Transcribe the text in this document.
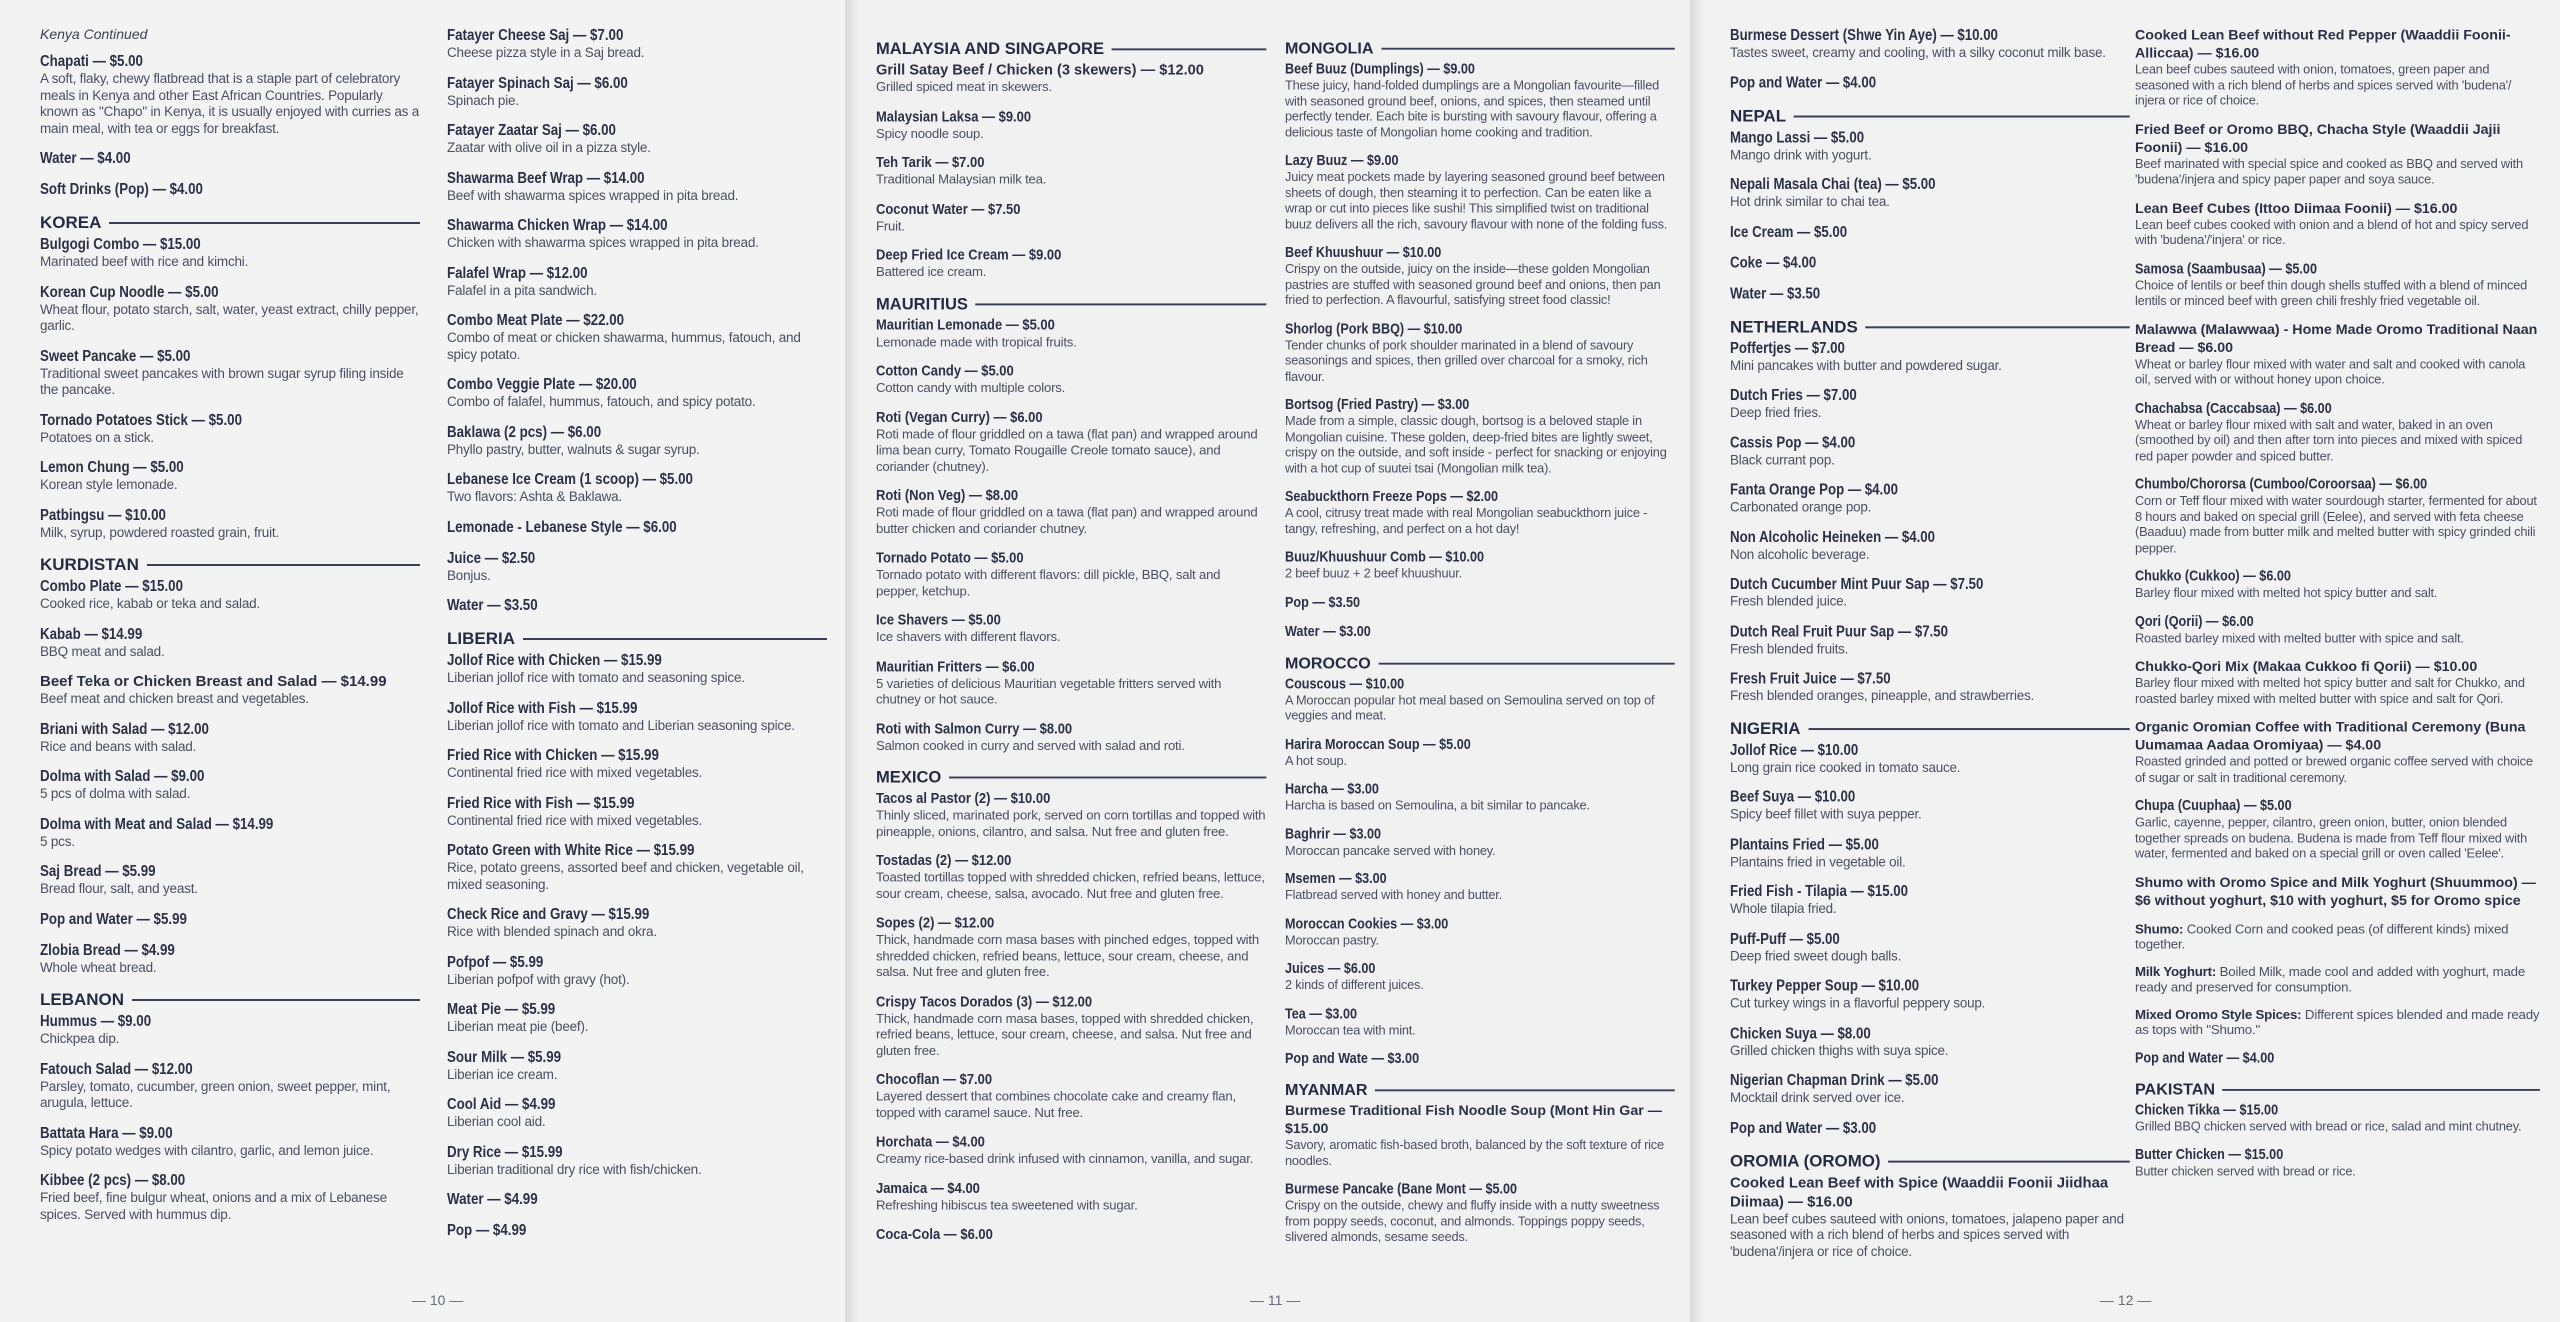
Kenya Continued
Chapati — $5.00
A soft, flaky, chewy flatbread that is a staple part of celebratory meals in Kenya and other East African Countries. Popularly known as "Chapo" in Kenya, it is usually enjoyed with curries as a main meal, with tea or eggs for breakfast.
Water — $4.00
Soft Drinks (Pop) — $4.00
KOREA
Bulgogi Combo — $15.00
Marinated beef with rice and kimchi.
Korean Cup Noodle — $5.00
Wheat flour, potato starch, salt, water, yeast extract, chilly pepper, garlic.
Sweet Pancake — $5.00
Traditional sweet pancakes with brown sugar syrup filing inside the pancake.
Tornado Potatoes Stick — $5.00
Potatoes on a stick.
Lemon Chung — $5.00
Korean style lemonade.
Patbingsu — $10.00
Milk, syrup, powdered roasted grain, fruit.
KURDISTAN
Combo Plate — $15.00
Cooked rice, kabab or teka and salad.
Kabab — $14.99
BBQ meat and salad.
Beef Teka or Chicken Breast and Salad — $14.99
Beef meat and chicken breast and vegetables.
Briani with Salad — $12.00
Rice and beans with salad.
Dolma with Salad — $9.00
5 pcs of dolma with salad.
Dolma with Meat and Salad — $14.99
5 pcs.
Saj Bread — $5.99
Bread flour, salt, and yeast.
Pop and Water — $5.99
Zlobia Bread — $4.99
Whole wheat bread.
LEBANON
Hummus — $9.00
Chickpea dip.
Fatouch Salad — $12.00
Parsley, tomato, cucumber, green onion, sweet pepper, mint, arugula, lettuce.
Battata Hara — $9.00
Spicy potato wedges with cilantro, garlic, and lemon juice.
Kibbee (2 pcs) — $8.00
Fried beef, fine bulgur wheat, onions and a mix of Lebanese spices. Served with hummus dip.
Fatayer Cheese Saj — $7.00
Cheese pizza style in a Saj bread.
Fatayer Spinach Saj — $6.00
Spinach pie.
Fatayer Zaatar Saj — $6.00
Zaatar with olive oil in a pizza style.
Shawarma Beef Wrap — $14.00
Beef with shawarma spices wrapped in pita bread.
Shawarma Chicken Wrap — $14.00
Chicken with shawarma spices wrapped in pita bread.
Falafel Wrap — $12.00
Falafel in a pita sandwich.
Combo Meat Plate — $22.00
Combo of meat or chicken shawarma, hummus, fatouch, and spicy potato.
Combo Veggie Plate — $20.00
Combo of falafel, hummus, fatouch, and spicy potato.
Baklawa (2 pcs) — $6.00
Phyllo pastry, butter, walnuts & sugar syrup.
Lebanese Ice Cream (1 scoop) — $5.00
Two flavors: Ashta & Baklawa.
Lemonade - Lebanese Style — $6.00
Juice — $2.50
Bonjus.
Water — $3.50
LIBERIA
Jollof Rice with Chicken — $15.99
Liberian jollof rice with tomato and seasoning spice.
Jollof Rice with Fish — $15.99
Liberian jollof rice with tomato and Liberian seasoning spice.
Fried Rice with Chicken — $15.99
Continental fried rice with mixed vegetables.
Fried Rice with Fish — $15.99
Continental fried rice with mixed vegetables.
Potato Green with White Rice — $15.99
Rice, potato greens, assorted beef and chicken, vegetable oil, mixed seasoning.
Check Rice and Gravy — $15.99
Rice with blended spinach and okra.
Pofpof — $5.99
Liberian pofpof with gravy (hot).
Meat Pie — $5.99
Liberian meat pie (beef).
Sour Milk — $5.99
Liberian ice cream.
Cool Aid — $4.99
Liberian cool aid.
Dry Rice — $15.99
Liberian traditional dry rice with fish/chicken.
Water — $4.99
Pop — $4.99
— 10 —
MALAYSIA AND SINGAPORE
Grill Satay Beef / Chicken (3 skewers) — $12.00
Grilled spiced meat in skewers.
Malaysian Laksa — $9.00
Spicy noodle soup.
Teh Tarik — $7.00
Traditional Malaysian milk tea.
Coconut Water — $7.50
Fruit.
Deep Fried Ice Cream — $9.00
Battered ice cream.
MAURITIUS
Mauritian Lemonade — $5.00
Lemonade made with tropical fruits.
Cotton Candy — $5.00
Cotton candy with multiple colors.
Roti (Vegan Curry) — $6.00
Roti made of flour griddled on a tawa (flat pan) and wrapped around lima bean curry, Tomato Rougaille Creole tomato sauce), and coriander (chutney).
Roti (Non Veg) — $8.00
Roti made of flour griddled on a tawa (flat pan) and wrapped around butter chicken and coriander chutney.
Tornado Potato — $5.00
Tornado potato with different flavors: dill pickle, BBQ, salt and pepper, ketchup.
Ice Shavers — $5.00
Ice shavers with different flavors.
Mauritian Fritters — $6.00
5 varieties of delicious Mauritian vegetable fritters served with chutney or hot sauce.
Roti with Salmon Curry — $8.00
Salmon cooked in curry and served with salad and roti.
MEXICO
Tacos al Pastor (2) — $10.00
Thinly sliced, marinated pork, served on corn tortillas and topped with pineapple, onions, cilantro, and salsa. Nut free and gluten free.
Tostadas (2) — $12.00
Toasted tortillas topped with shredded chicken, refried beans, lettuce, sour cream, cheese, salsa, avocado. Nut free and gluten free.
Sopes (2) — $12.00
Thick, handmade corn masa bases with pinched edges, topped with shredded chicken, refried beans, lettuce, sour cream, cheese, and salsa. Nut free and gluten free.
Crispy Tacos Dorados (3) — $12.00
Thick, handmade corn masa bases, topped with shredded chicken, refried beans, lettuce, sour cream, cheese, and salsa. Nut free and gluten free.
Chocoflan — $7.00
Layered dessert that combines chocolate cake and creamy flan, topped with caramel sauce. Nut free.
Horchata — $4.00
Creamy rice-based drink infused with cinnamon, vanilla, and sugar.
Jamaica — $4.00
Refreshing hibiscus tea sweetened with sugar.
Coca-Cola — $6.00
MONGOLIA
Beef Buuz (Dumplings) — $9.00
These juicy, hand-folded dumplings are a Mongolian favourite—filled with seasoned ground beef, onions, and spices, then steamed until perfectly tender. Each bite is bursting with savoury flavour, offering a delicious taste of Mongolian home cooking and tradition.
Lazy Buuz — $9.00
Juicy meat pockets made by layering seasoned ground beef between sheets of dough, then steaming it to perfection. Can be eaten like a wrap or cut into pieces like sushi! This simplified twist on traditional buuz delivers all the rich, savoury flavour with none of the folding fuss.
Beef Khuushuur — $10.00
Crispy on the outside, juicy on the inside—these golden Mongolian pastries are stuffed with seasoned ground beef and onions, then pan fried to perfection. A flavourful, satisfying street food classic!
Shorlog (Pork BBQ) — $10.00
Tender chunks of pork shoulder marinated in a blend of savoury seasonings and spices, then grilled over charcoal for a smoky, rich flavour.
Bortsog (Fried Pastry) — $3.00
Made from a simple, classic dough, bortsog is a beloved staple in Mongolian cuisine. These golden, deep-fried bites are lightly sweet, crispy on the outside, and soft inside - perfect for snacking or enjoying with a hot cup of suutei tsai (Mongolian milk tea).
Seabuckthorn Freeze Pops — $2.00
A cool, citrusy treat made with real Mongolian seabuckthorn juice - tangy, refreshing, and perfect on a hot day!
Buuz/Khuushuur Comb — $10.00
2 beef buuz + 2 beef khuushuur.
Pop — $3.50
Water — $3.00
MOROCCO
Couscous — $10.00
A Moroccan popular hot meal based on Semoulina served on top of veggies and meat.
Harira Moroccan Soup — $5.00
A hot soup.
Harcha — $3.00
Harcha is based on Semoulina, a bit similar to pancake.
Baghrir — $3.00
Moroccan pancake served with honey.
Msemen — $3.00
Flatbread served with honey and butter.
Moroccan Cookies — $3.00
Moroccan pastry.
Juices — $6.00
2 kinds of different juices.
Tea — $3.00
Moroccan tea with mint.
Pop and Wate — $3.00
MYANMAR
Burmese Traditional Fish Noodle Soup (Mont Hin Gar — $15.00
Savory, aromatic fish-based broth, balanced by the soft texture of rice noodles.
Burmese Pancake (Bane Mont — $5.00
Crispy on the outside, chewy and fluffy inside with a nutty sweetness from poppy seeds, coconut, and almonds. Toppings poppy seeds, slivered almonds, sesame seeds.
— 11 —
Burmese Dessert (Shwe Yin Aye) — $10.00
Tastes sweet, creamy and cooling, with a silky coconut milk base.
Pop and Water — $4.00
NEPAL
Mango Lassi — $5.00
Mango drink with yogurt.
Nepali Masala Chai (tea) — $5.00
Hot drink similar to chai tea.
Ice Cream — $5.00
Coke — $4.00
Water — $3.50
NETHERLANDS
Poffertjes — $7.00
Mini pancakes with butter and powdered sugar.
Dutch Fries — $7.00
Deep fried fries.
Cassis Pop — $4.00
Black currant pop.
Fanta Orange Pop — $4.00
Carbonated orange pop.
Non Alcoholic Heineken — $4.00
Non alcoholic beverage.
Dutch Cucumber Mint Puur Sap — $7.50
Fresh blended juice.
Dutch Real Fruit Puur Sap — $7.50
Fresh blended fruits.
Fresh Fruit Juice — $7.50
Fresh blended oranges, pineapple, and strawberries.
NIGERIA
Jollof Rice — $10.00
Long grain rice cooked in tomato sauce.
Beef Suya — $10.00
Spicy beef fillet with suya pepper.
Plantains Fried — $5.00
Plantains fried in vegetable oil.
Fried Fish - Tilapia — $15.00
Whole tilapia fried.
Puff-Puff — $5.00
Deep fried sweet dough balls.
Turkey Pepper Soup — $10.00
Cut turkey wings in a flavorful peppery soup.
Chicken Suya — $8.00
Grilled chicken thighs with suya spice.
Nigerian Chapman Drink — $5.00
Mocktail drink served over ice.
Pop and Water — $3.00
OROMIA (OROMO)
Cooked Lean Beef with Spice (Waaddii Foonii Jiidhaa Diimaa) — $16.00
Lean beef cubes sauteed with onions, tomatoes, jalapeno paper and seasoned with a rich blend of herbs and spices served with 'budena'/injera or rice of choice.
Cooked Lean Beef without Red Pepper (Waaddii Foonii-Alliccaa) — $16.00
Lean beef cubes sauteed with onion, tomatoes, green paper and seasoned with a rich blend of herbs and spices served with 'budena'/ injera or rice of choice.
Fried Beef or Oromo BBQ, Chacha Style (Waaddii Jajii Foonii) — $16.00
Beef marinated with special spice and cooked as BBQ and served with 'budena'/injera and spicy paper paper and soya sauce.
Lean Beef Cubes (Ittoo Diimaa Foonii) — $16.00
Lean beef cubes cooked with onion and a blend of hot and spicy served with 'budena'/'injera' or rice.
Samosa (Saambusaa) — $5.00
Choice of lentils or beef thin dough shells stuffed with a blend of minced lentils or minced beef with green chili freshly fried vegetable oil.
Malawwa (Malawwaa) - Home Made Oromo Traditional Naan Bread — $6.00
Wheat or barley flour mixed with water and salt and cooked with canola oil, served with or without honey upon choice.
Chachabsa (Caccabsaa) — $6.00
Wheat or barley flour mixed with salt and water, baked in an oven (smoothed by oil) and then after torn into pieces and mixed with spiced red paper powder and spiced butter.
Chumbo/Chororsa (Cumboo/Coroorsaa) — $6.00
Corn or Teff flour mixed with water sourdough starter, fermented for about 8 hours and baked on special grill (Eelee), and served with feta cheese (Baaduu) made from butter milk and melted butter with spicy grinded chili pepper.
Chukko (Cukkoo) — $6.00
Barley flour mixed with melted hot spicy butter and salt.
Qori (Qorii) — $6.00
Roasted barley mixed with melted butter with spice and salt.
Chukko-Qori Mix (Makaa Cukkoo fi Qorii) — $10.00
Barley flour mixed with melted hot spicy butter and salt for Chukko, and roasted barley mixed with melted butter with spice and salt for Qori.
Organic Oromian Coffee with Traditional Ceremony (Buna Uumamaa Aadaa Oromiyaa) — $4.00
Roasted grinded and potted or brewed organic coffee served with choice of sugar or salt in traditional ceremony.
Chupa (Cuuphaa) — $5.00
Garlic, cayenne, pepper, cilantro, green onion, butter, onion blended together spreads on budena. Budena is made from Teff flour mixed with water, fermented and baked on a special grill or oven called 'Eelee'.
Shumo with Oromo Spice and Milk Yoghurt (Shuummoo) — $6 without yoghurt, $10 with yoghurt, $5 for Oromo spice
Shumo: Cooked Corn and cooked peas (of different kinds) mixed together.
Milk Yoghurt: Boiled Milk, made cool and added with yoghurt, made ready and preserved for consumption.
Mixed Oromo Style Spices: Different spices blended and made ready as tops with "Shumo."
Pop and Water — $4.00
PAKISTAN
Chicken Tikka — $15.00
Grilled BBQ chicken served with bread or rice, salad and mint chutney.
Butter Chicken — $15.00
Butter chicken served with bread or rice.
— 12 —
